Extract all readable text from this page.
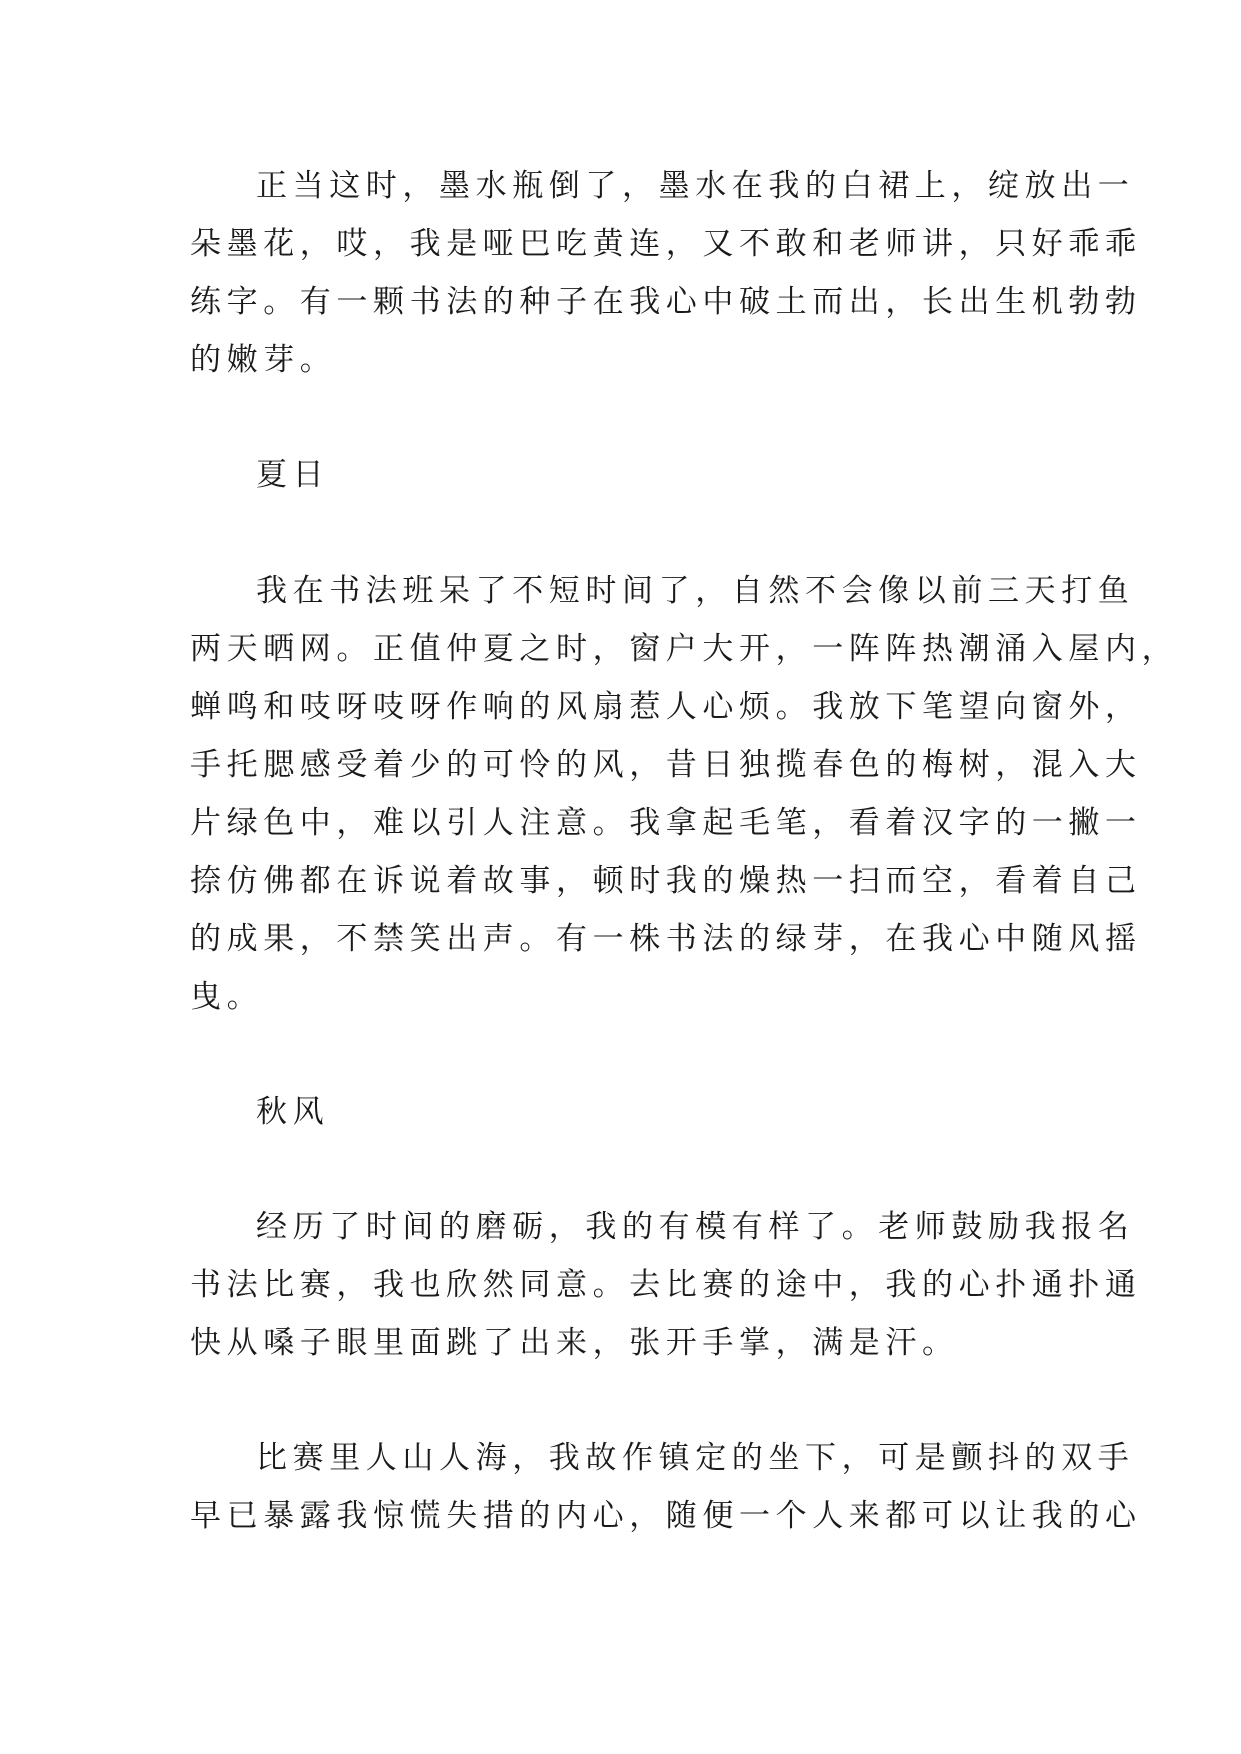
正当这时，墨水瓶倒了，墨水在我的白裙上，绽放出一
朵墨花，哎，我是哑巴吃黄连，又不敢和老师讲，只好乖乖
练字。有一颗书法的种子在我心中破土而出，长出生机勃勃
的嫩芽。
夏日
我在书法班呆了不短时间了，自然不会像以前三天打鱼
两天晒网。正值仲夏之时，窗户大开，一阵阵热潮涌入屋内，
蝉鸣和吱呀吱呀作响的风扇惹人心烦。我放下笔望向窗外，
手托腮感受着少的可怜的风，昔日独揽春色的梅树，混入大
片绿色中，难以引人注意。我拿起毛笔，看着汉字的一撇一
捺仿佛都在诉说着故事，顿时我的燥热一扫而空，看着自己
的成果，不禁笑出声。有一株书法的绿芽，在我心中随风摇
曳。
秋风
经历了时间的磨砺，我的有模有样了。老师鼓励我报名
书法比赛，我也欣然同意。去比赛的途中，我的心扑通扑通
快从嗓子眼里面跳了出来，张开手掌，满是汗。
比赛里人山人海，我故作镇定的坐下，可是颤抖的双手
早已暴露我惊慌失措的内心，随便一个人来都可以让我的心
